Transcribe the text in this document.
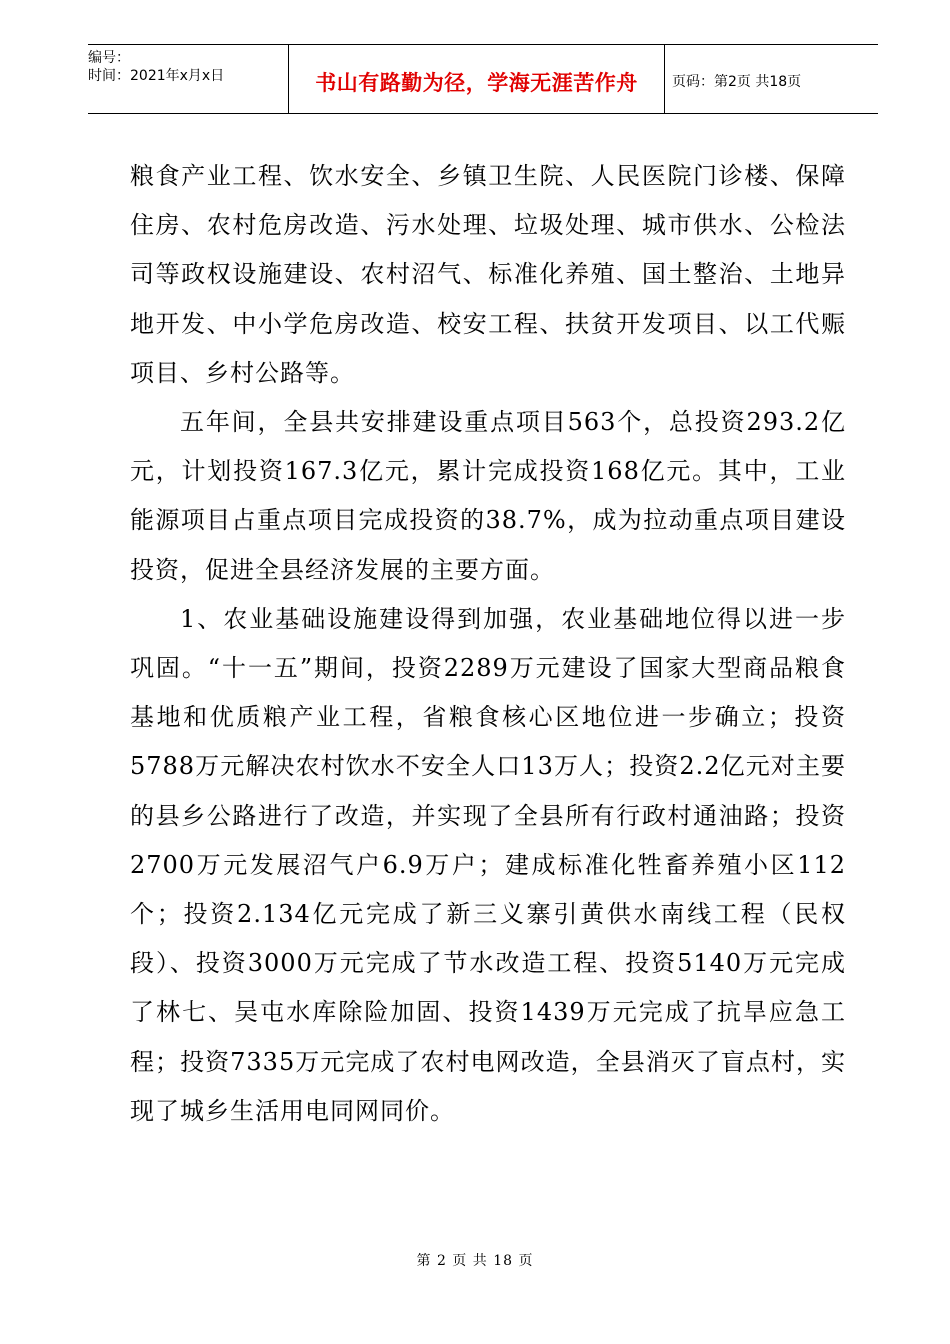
编号：
时间：2021年x月x日	书山有路勤为径，学海无涯苦作舟	页码：第2页 共18页

粮食产业工程、饮水安全、乡镇卫生院、人民医院门诊楼、保障住房、农村危房改造、污水处理、垃圾处理、城市供水、公检法司等政权设施建设、农村沼气、标准化养殖、国土整治、土地异地开发、中小学危房改造、校安工程、扶贫开发项目、以工代赈项目、乡村公路等。

五年间，全县共安排建设重点项目563个，总投资293.2亿元，计划投资167.3亿元，累计完成投资168亿元。其中，工业能源项目占重点项目完成投资的38.7%，成为拉动重点项目建设投资，促进全县经济发展的主要方面。

1、农业基础设施建设得到加强，农业基础地位得以进一步巩固。“十一五”期间，投资2289万元建设了国家大型商品粮食基地和优质粮产业工程，省粮食核心区地位进一步确立；投资5788万元解决农村饮水不安全人口13万人；投资2.2亿元对主要的县乡公路进行了改造，并实现了全县所有行政村通油路；投资2700万元发展沼气户6.9万户；建成标准化牲畜养殖小区112个；投资2.134亿元完成了新三义寨引黄供水南线工程（民权段）、投资3000万元完成了节水改造工程、投资5140万元完成了林七、吴屯水库除险加固、投资1439万元完成了抗旱应急工程；投资7335万元完成了农村电网改造，全县消灭了盲点村，实现了城乡生活用电同网同价。

第 2 页 共 18 页
